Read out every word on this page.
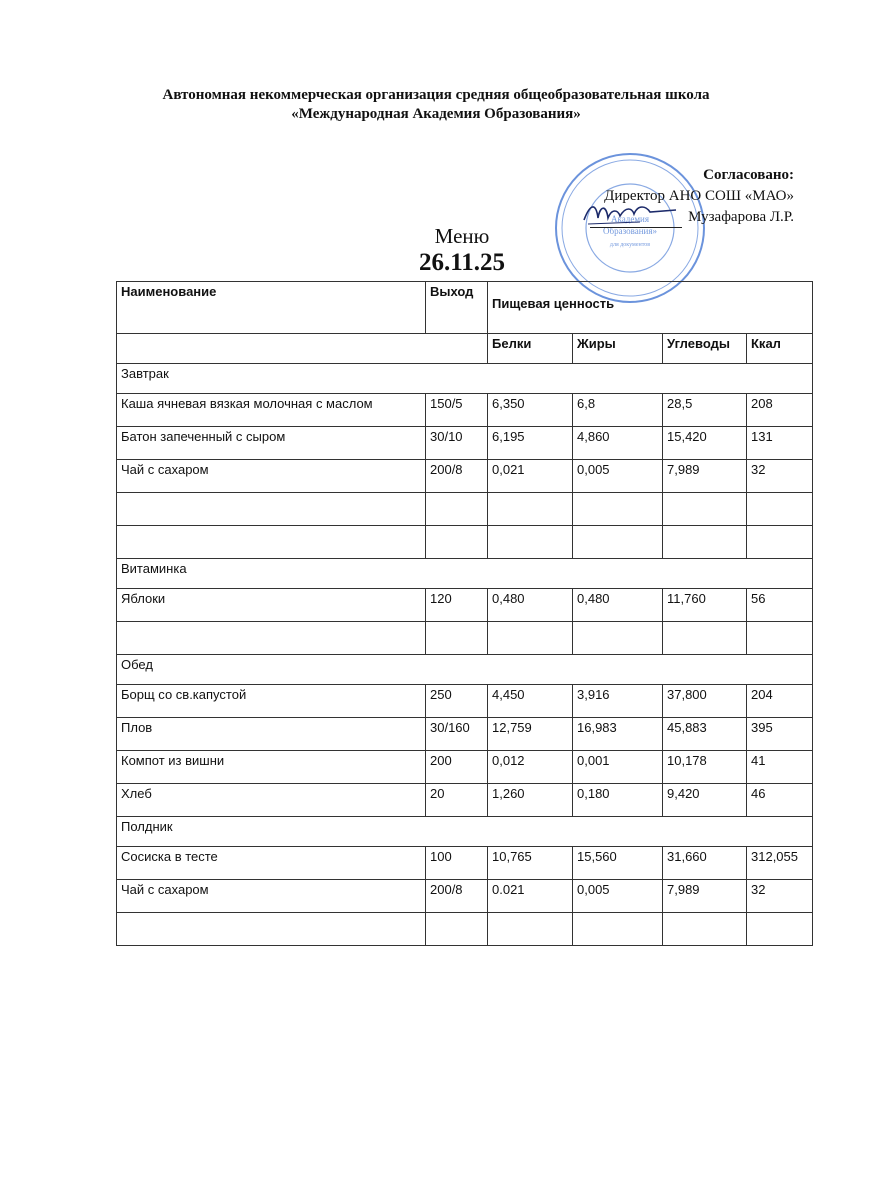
Автономная некоммерческая организация средняя общеобразовательная школа
«Международная Академия Образования»
Академия
Образования»
для документов
Согласовано:
Директор АНО СОШ «МАО»
Музафарова Л.Р.
Меню
26.11.25
Наименование	Выход	Пищевая ценность			
		Белки	Жиры	Углеводы	Ккал
Завтрак					
Каша ячневая вязкая молочная с маслом	150/5	6,350	6,8	28,5	208
Батон запеченный с сыром	30/10	6,195	4,860	15,420	131
Чай с сахаром	200/8	0,021	0,005	7,989	32

Витаминка					
Яблоки	120	0,480	0,480	11,760	56

Обед					
Борщ со св.капустой	250	4,450	3,916	37,800	204
Плов	30/160	12,759	16,983	45,883	395
Компот из вишни	200	0,012	0,001	10,178	41
Хлеб	20	1,260	0,180	9,420	46
Полдник					
Сосиска в тесте	100	10,765	15,560	31,660	312,055
Чай с сахаром	200/8	0.021	0,005	7,989	32
